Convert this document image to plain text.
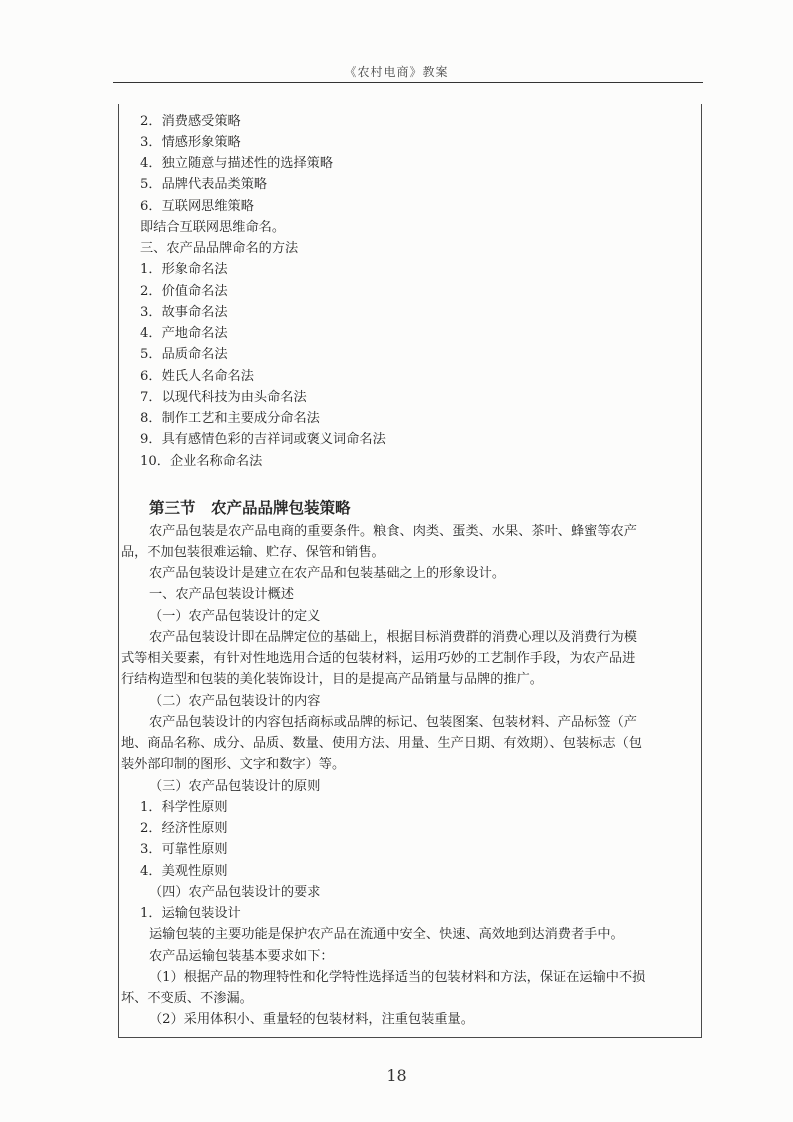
《农村电商》教案
2．消费感受策略
3．情感形象策略
4．独立随意与描述性的选择策略
5．品牌代表品类策略
6．互联网思维策略
即结合互联网思维命名。
三、农产品品牌命名的方法
1．形象命名法
2．价值命名法
3．故事命名法
4．产地命名法
5．品质命名法
6．姓氏人名命名法
7．以现代科技为由头命名法
8．制作工艺和主要成分命名法
9．具有感情色彩的吉祥词或褒义词命名法
10．企业名称命名法
第三节　农产品品牌包装策略
农产品包装是农产品电商的重要条件。粮食、肉类、蛋类、水果、茶叶、蜂蜜等农产
品，不加包装很难运输、贮存、保管和销售。
农产品包装设计是建立在农产品和包装基础之上的形象设计。
一、农产品包装设计概述
（一）农产品包装设计的定义
农产品包装设计即在品牌定位的基础上，根据目标消费群的消费心理以及消费行为模
式等相关要素，有针对性地选用合适的包装材料，运用巧妙的工艺制作手段，为农产品进
行结构造型和包装的美化装饰设计，目的是提高产品销量与品牌的推广。
（二）农产品包装设计的内容
农产品包装设计的内容包括商标或品牌的标记、包装图案、包装材料、产品标签（产
地、商品名称、成分、品质、数量、使用方法、用量、生产日期、有效期）、包装标志（包
装外部印制的图形、文字和数字）等。
（三）农产品包装设计的原则
1．科学性原则
2．经济性原则
3．可靠性原则
4．美观性原则
（四）农产品包装设计的要求
1．运输包装设计
运输包装的主要功能是保护农产品在流通中安全、快速、高效地到达消费者手中。
农产品运输包装基本要求如下：
（1）根据产品的物理特性和化学特性选择适当的包装材料和方法，保证在运输中不损
坏、不变质、不渗漏。
（2）采用体积小、重量轻的包装材料，注重包装重量。
18
